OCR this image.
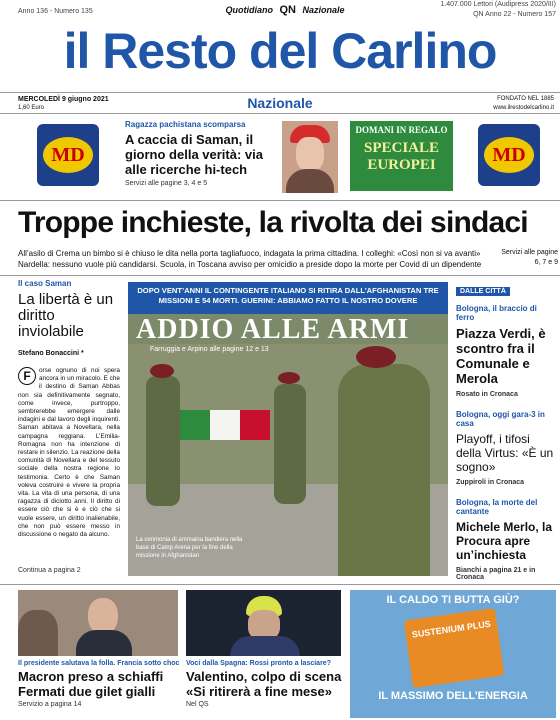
Anno 136 - Numero 135	Quotidiano QN Nazionale
1.407.000 Lettori (Audipress 2020/III)
QN Anno 22 - Numero 157
il Resto del Carlino
MERCOLEDÌ 9 giugno 2021
1,60 Euro	Nazionale	FONDATO NEL 1885
www.ilrestodelcarlino.it
MD
Ragazza pachistana scomparsa
A caccia di Saman, il giorno della verità: via alle ricerche hi-tech
Servizi alle pagine 3, 4 e 5
DOMANI IN REGALO
SPECIALE
EUROPEI	MD
Troppe inchieste, la rivolta dei sindaci
All’asilo di Crema un bimbo si è chiuso le dita nella porta tagliafuoco, indagata la prima cittadina. I colleghi: «Così non si va avanti» Nardella: nessuno vuole più candidarsi. Scuola, in Toscana avviso per omicidio a preside dopo la morte per Covid di un dipendente
Servizi alle pagine 6, 7 e 9
Il caso Saman
La libertà è un diritto inviolabile
Stefano Bonaccini *
F	orse ognuno di noi spera ancora in un miracolo. E che il destino di Saman Abbas non sia definitivamente segnato, come invece, purtroppo, sembrerebbe emergere dalle indagini e dal lavoro degli inquirenti. Saman abitava a Novellara, nella campagna reggiana. L’Emilia-Romagna non ha intenzione di restare in silenzio. La reazione della comunità di Novellara e del tessuto sociale della nostra regione lo testimonia. Certo è che Saman voleva costruire e vivere la propria vita. La vita di una persona, di una ragazza di diciotto anni. Il diritto di essere ciò che si è e ciò che si vuole essere, un diritto inalienabile, che non può essere messo in discussione o negato da alcuno.
Continua a pagina 2
DOPO VENT’ANNI IL CONTINGENTE ITALIANO SI RITIRA DALL’AFGHANISTAN TRE MISSIONI E 54 MORTI. GUERINI: ABBIAMO FATTO IL NOSTRO DOVERE
ADDIO ALLE ARMI
Farruggia e Arpino alle pagine 12 e 13
La cerimonia di ammaina bandiera nella base di Camp Arena per la fine della missione in Afghanistan
DALLE CITTÀ
Bologna, il braccio di ferro
Piazza Verdi, è scontro fra il Comunale e Merola
Rosato in Cronaca
Bologna, oggi gara-3 in casa
Playoff, i tifosi della Virtus: «È un sogno»
Zuppiroli in Cronaca
Bologna, la morte del cantante
Michele Merlo, la Procura apre un’inchiesta
Bianchi a pagina 21 e in Cronaca
Il presidente salutava la folla. Francia sotto choc
Macron preso a schiaffi Fermati due gilet gialli
Servizio a pagina 14
Voci dalla Spagna: Rossi pronto a lasciare?
Valentino, colpo di scena «Si ritirerà a fine mese»
Nel QS
IL CALDO TI BUTTA GIÙ?
SUSTENIUM PLUS
IL MASSIMO DELL’ENERGIA
